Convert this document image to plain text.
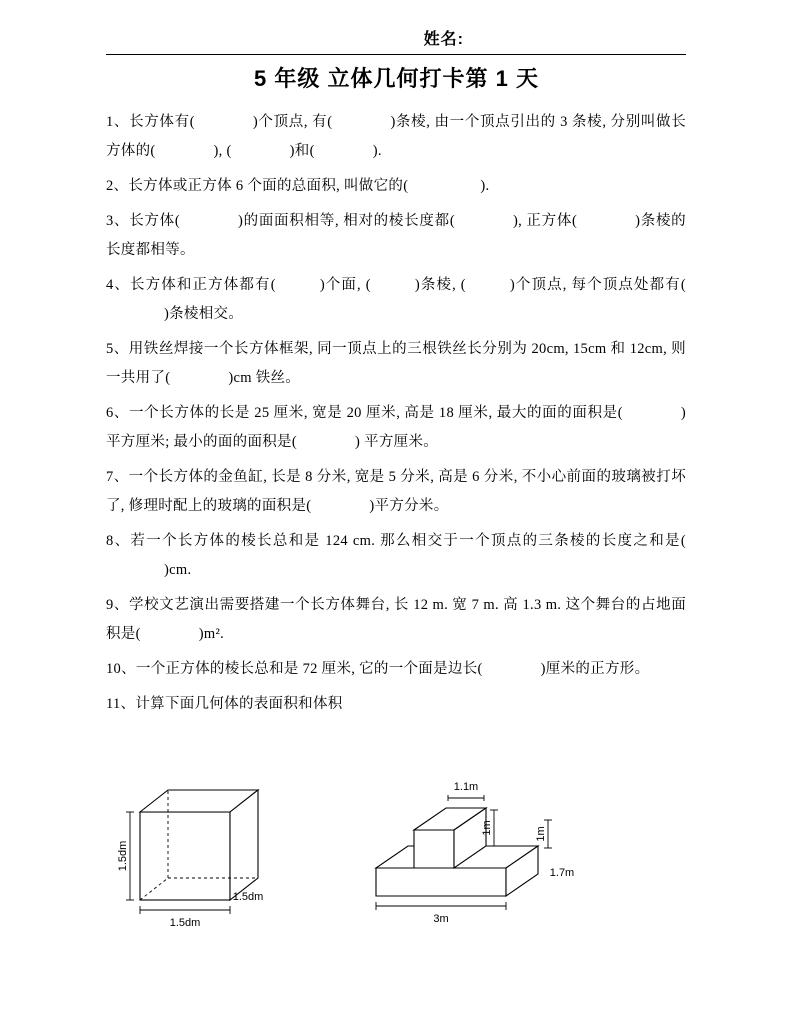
姓名:
5 年级 立体几何打卡第 1 天

1、长方体有(	)个顶点, 有(	)条棱, 由一个顶点引出的 3 条棱, 分别叫做长方体的(	), (	)和(	).

2、长方体或正方体 6 个面的总面积, 叫做它的(	).

3、长方体(	)的面面积相等, 相对的棱长度都(	), 正方体(	)条棱的长度都相等。

4、长方体和正方体都有(	)个面, (	)条棱, (	)个顶点, 每个顶点处都有()条棱相交。

5、用铁丝焊接一个长方体框架, 同一顶点上的三根铁丝长分别为 20cm, 15cm 和 12cm, 则一共用了(	)cm 铁丝。

6、一个长方体的长是 25 厘米, 宽是 20 厘米, 高是 18 厘米, 最大的面的面积是(	)平方厘米; 最小的面的面积是(	) 平方厘米。

7、一个长方体的金鱼缸, 长是 8 分米, 宽是 5 分米, 高是 6 分米, 不小心前面的玻璃被打坏了, 修理时配上的玻璃的面积是(	)平方分米。

8、若一个长方体的棱长总和是 124 cm. 那么相交于一个顶点的三条棱的长度之和是()cm.

9、学校文艺演出需要搭建一个长方体舞台, 长 12 m. 宽 7 m. 高 1.3 m. 这个舞台的占地面积是(	)m².

10、一个正方体的棱长总和是 72 厘米, 它的一个面是边长(	)厘米的正方形。

11、计算下面几何体的表面积和体积

1.5dm
1.5dm
1.5dm
1.1m
1m	1m
1.7m
3m
